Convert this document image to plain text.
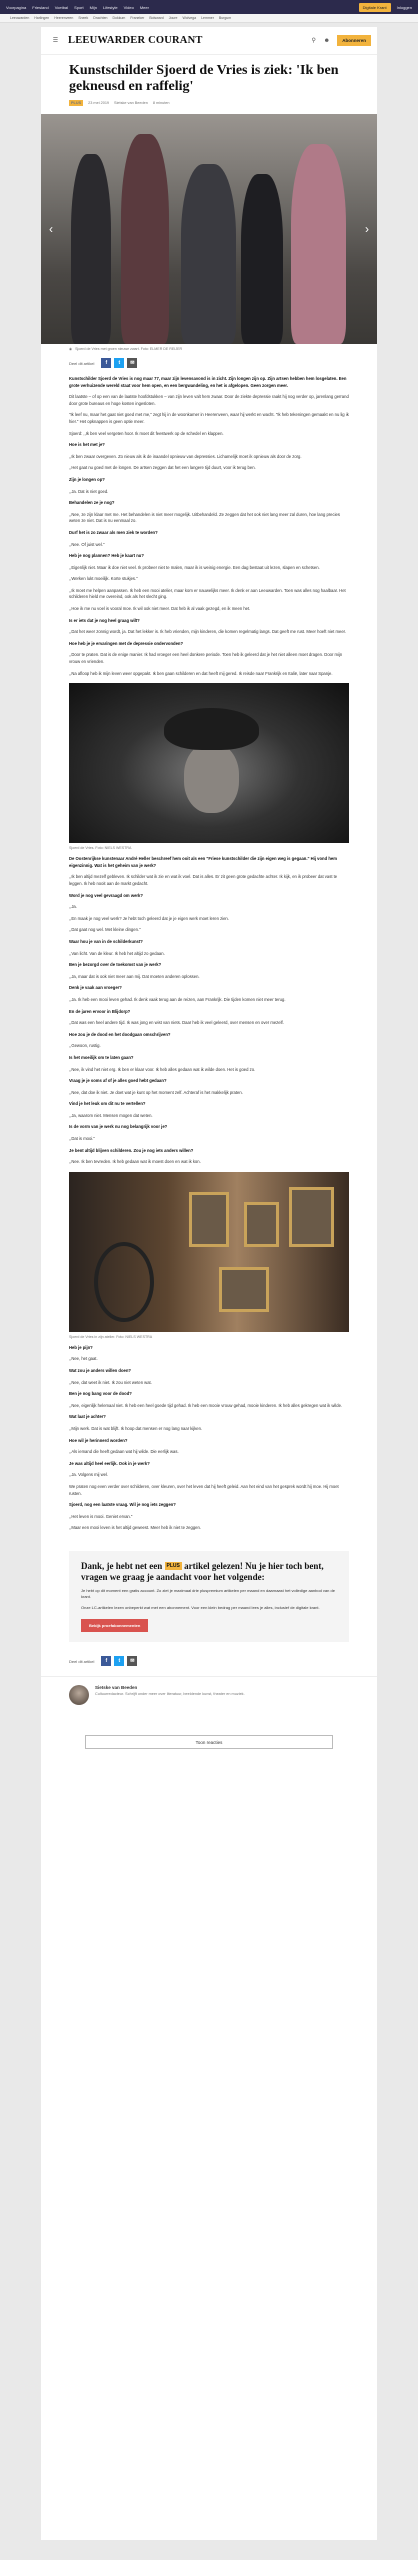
Voorpagina Friesland Voetbal Sport Mijn Lifestyle Video Meer	Digitale Krant	Inloggen
Leeuwarden Harlingen Heerenveen Sneek Drachten Dokkum Franeker Bolsward Joure Wolvega Lemmer Burgum
☰ LEEUWARDER COURANT	⚲	☻	Abonneren
Kunstschilder Sjoerd de Vries is ziek: 'Ik ben gekneusd en raffelig'
PLUS	23 mei 2019 Sietske van Beeden 8 minuten
‹	›
◉ Sjoerd de Vries met groen nieuwe zwart. Foto: ELMER DE REIJER
Deel dit artikel	f	t	✉

Kunstschilder Sjoerd de Vries is nog maar 77, maar zijn levensavond is in zicht. Zijn longen zijn op. Zijn artsen hebben hem losgelaten. Een grote verhuizende wereld staat voor hem open, en een bergwandeling, en het is afgelopen. Geen zorgen meer.

Dit laatste – of op een van de laatste hoofdstukken – van zijn leven valt hem zwaar. Door de ziekte depressie raakt hij nog verder op, jarenlang gerrand door grote bureaus en hoge kosten ingesloten.

"Ik leef nu, maar het gaat niet goed met me," zegt hij in de woonkamer in Heerenveen, waar hij werkt en wacht. "Ik heb tekeningen gemaakt en nu lig ik hier." Het opknappen is geen optie meer.

Sjoerd: ,,Ik ben veel vergeten hoor. Ik moet dit feestwerk op de schedel en klappen.

Hoe is het met je?

,,Ik ben zwaar overgeven. Zo nieuw als ik de inaandel opnieuw van depressies. Lichamelijk moet ik opnieuw als door de zorg.

,,Het gaat nu goed met de longen. De artsen zeggen dat het een langere tijd duurt, voor ik terug ben.

Zijn je longen op?

,,Ja. Dat is niet goed.

Behandelen ze je nog?

,,Nee, ze zijn klaar met me. Het behandelen is niet meer mogelijk. Uitbehandeld. Ze zeggen dat het ook niet lang meer zal duren, hoe lang precies weten ze niet. Dat is nu eenmaal zo.

Durf het is zo zwaar als men ziek te worden?

,,Nee. Of juist wel."

Heb je nog plannen? Heb je kaart nu?

,,Eigenlijk niet. Maar ik doe niet veel. Ik probeer niet te malen, maar ik is weinig energie. Een dag bestaat uit lezen, slapen en schetsen.

,,Werken lukt moeilijk. Korte stukjes."

,,Ik moet me helpen aanpassen. Ik heb een mooi atelier, maar kom er nauwelijks meer. Ik denk er aan Leeuwarden. Toen was alles nog haalbaar. Het schilderen hield me overeind, ook als het slecht ging.

,,Hoe ik me nu voel is vooral moe. Ik wil ook niet meer. Dat heb ik al vaak gezegd, en ik meen het.

Is er iets dat je nog heel graag wilt?

,,Dat het weer zonnig wordt, ja. Dat het lekker is. Ik heb vrienden, mijn kinderen, die komen regelmatig langs. Dat geeft me rust. Meer hoeft niet meer.

Hoe heb je je ervaringen met de depressie ondervonden?

,,Door te praten. Dat is de enige manier. Ik had vroeger een heel donkere periode. Toen heb ik geleerd dat je het niet alleen moet dragen. Door mijn vrouw en vrienden.

,,Na afloop heb ik mijn leven weer opgepakt. Ik ben gaan schilderen en dat heeft mij gered. Ik reisde naar Frankrijk en Italië, later naar Spanje.

Sjoerd de Vries. Foto: NIELS WESTRA

De Oostenrijkse kunstenaar André Heller beschreef hem ooit als een "Friese kunstschilder die zijn eigen weg is gegaan." Hij vond hem eigenzinnig. Wat is het geheim van je werk?

,,Ik ben altijd mezelf gebleven. Ik schilder wat ik zie en wat ik voel. Dat is alles. Er zit geen grote gedachte achter. Ik kijk, en ik probeer dat vast te leggen. Ik heb nooit aan de markt gedacht.

Word je nog veel gevraagd om werk?

,,Ja.

,,En maak je nog veel werk? Je hebt toch geleerd dat je je eigen werk moet leren zien.

,,Dat gaat nog wel. Met kleine dingen."

Waar hou je van in de schilderkunst?

,,Van licht. Van de kleur. Ik heb het altijd zo gedaan.

Ben je bezorgd over de toekomst van je werk?

,,Ja, maar dat is ook niet meer aan mij. Dat moeten anderen oplossen.

Denk je vaak aan vroeger?

,,Ja. Ik heb een mooi leven gehad. Ik denk vaak terug aan de reizen, aan Frankrijk. Die tijden komen niet meer terug.

En de jaren ervoor in Blijdorp?

,,Dat was een heel andere tijd. Ik was jong en wist van niets. Daar heb ik veel geleerd, over mensen en over mezelf.

Hoe zou je de dood en het doodgaan omschrijven?

,,Gewoon, rustig.

Is het moeilijk om te laten gaan?

,,Nee, ik vind het niet erg. Ik ben er klaar voor. Ik heb alles gedaan wat ik wilde doen. Het is goed zo.

Vraag je je soms af of je alles goed hebt gedaan?

,,Nee, dat doe ik niet. Je doet wat je kunt op het moment zelf. Achteraf is het makkelijk praten.

Vind je het leuk om dit nu te vertellen?

,,Ja, waarom niet. Mensen mogen dat weten.

Is de vorm van je werk nu nog belangrijk voor je?

,,Dat is mooi."

Je bent altijd blijven schilderen. Zou je nog iets anders willen?

,,Nee. Ik ben tevreden. Ik heb gedaan wat ik moest doen en wat ik kon.

Sjoerd de Vries in zijn atelier. Foto: NIELS WESTRA

Heb je pijn?

,,Nee, het gaat.

Wat zou je anders willen doen?

,,Nee, dat weet ik niet. Ik zou niet weten wat.

Ben je nog bang voor de dood?

,,Nee, eigenlijk helemaal niet. Ik heb een heel goede tijd gehad. Ik heb een mooie vrouw gehad, mooie kinderen. Ik heb alles gekregen wat ik wilde.

Wat laat je achter?

,,Mijn werk. Dat is wat blijft. Ik hoop dat mensen er nog lang naar kijken.

Hoe wil je herinnerd worden?

,,Als iemand die heeft gedaan wat hij wilde. Die eerlijk was.

Je was altijd heel eerlijk. Ook in je werk?

,,Ja. Volgens mij wel.

We praten nog even verder over schilderen, over kleuren, over het leven dat hij heeft geleid. Aan het eind van het gesprek wordt hij moe. Hij moet rusten.

Sjoerd, nog een laatste vraag. Wil je nog iets zeggen?

,,Het leven is mooi. Geniet ervan."

,,Maar een mooi leven is het altijd geweest. Meer heb ik niet te zeggen.

Dank, je hebt net een PLUS artikel gelezen! Nu je hier toch bent, vragen we graag je aandacht voor het volgende:

Je hebt op dit moment een gratis account. Zo ziet je maximaal drie pluspremium artikelen per maand en daarnaast het volledige aanbod van de krant.

Onze LC-artikelen lezen onbeperkt wat met een abonnement. Voor een klein bedrag per maand lees je alles, inclusief de digitale krant.

Bekijk proefabonnementen
Deel dit artikel	f	t	✉
Sietske van Beeden
Cultuurredacteur. Schrijft onder meer over literatuur, beeldende kunst, theater en muziek.
Toon reacties
